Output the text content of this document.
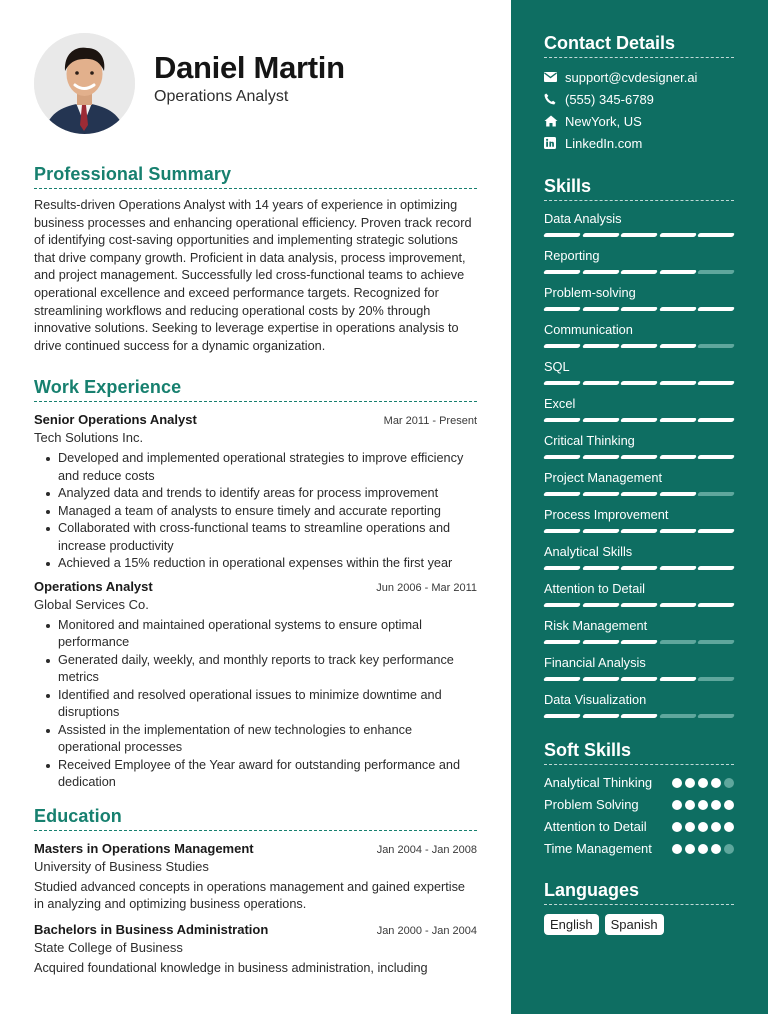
Daniel Martin
Operations Analyst
Professional Summary
Results-driven Operations Analyst with 14 years of experience in optimizing business processes and enhancing operational efficiency. Proven track record of identifying cost-saving opportunities and implementing strategic solutions that drive company growth. Proficient in data analysis, process improvement, and project management. Successfully led cross-functional teams to achieve operational excellence and exceed performance targets. Recognized for streamlining workflows and reducing operational costs by 20% through innovative solutions. Seeking to leverage expertise in operations analysis to drive continued success for a dynamic organization.
Work Experience
Senior Operations Analyst	Mar 2011 - Present
Tech Solutions Inc.
Developed and implemented operational strategies to improve efficiency and reduce costs
Analyzed data and trends to identify areas for process improvement
Managed a team of analysts to ensure timely and accurate reporting
Collaborated with cross-functional teams to streamline operations and increase productivity
Achieved a 15% reduction in operational expenses within the first year
Operations Analyst	Jun 2006 - Mar 2011
Global Services Co.
Monitored and maintained operational systems to ensure optimal performance
Generated daily, weekly, and monthly reports to track key performance metrics
Identified and resolved operational issues to minimize downtime and disruptions
Assisted in the implementation of new technologies to enhance operational processes
Received Employee of the Year award for outstanding performance and dedication
Education
Masters in Operations Management	Jan 2004 - Jan 2008
University of Business Studies
Studied advanced concepts in operations management and gained expertise in analyzing and optimizing business operations.
Bachelors in Business Administration	Jan 2000 - Jan 2004
State College of Business
Acquired foundational knowledge in business administration, including
Contact Details
support@cvdesigner.ai
(555) 345-6789
NewYork, US
LinkedIn.com
Skills
Data Analysis
Reporting
Problem-solving
Communication
SQL
Excel
Critical Thinking
Project Management
Process Improvement
Analytical Skills
Attention to Detail
Risk Management
Financial Analysis
Data Visualization
Soft Skills
Analytical Thinking
Problem Solving
Attention to Detail
Time Management
Languages
English	Spanish
